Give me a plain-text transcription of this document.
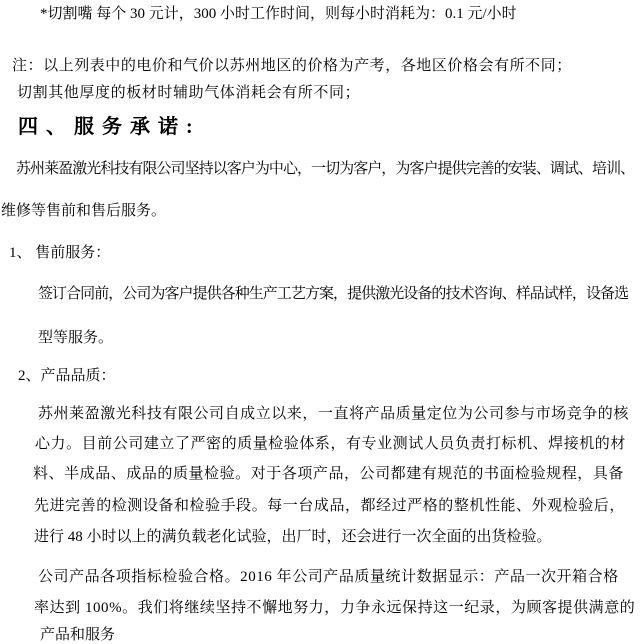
*切割嘴 每个 30 元计，300 小时工作时间，则每小时消耗为：0.1 元/小时
注：以上列表中的电价和气价以苏州地区的价格为产考，各地区价格会有所不同；
切割其他厚度的板材时辅助气体消耗会有所不同；
四、服务承诺:
苏州莱盈激光科技有限公司坚持以客户为中心，一切为客户，为客户提供完善的安装、调试、培训、
维修等售前和售后服务。
1、 售前服务：
签订合同前，公司为客户提供各种生产工艺方案，提供激光设备的技术咨询、样品试样，设备选
型等服务。
2、产品品质：
苏州莱盈激光科技有限公司自成立以来，一直将产品质量定位为公司参与市场竞争的核
心力。目前公司建立了严密的质量检验体系，有专业测试人员负责打标机、焊接机的材
料、半成品、成品的质量检验。对于各项产品，公司都建有规范的书面检验规程，具备
先进完善的检测设备和检验手段。每一台成品，都经过严格的整机性能、外观检验后，
进行 48 小时以上的满负载老化试验，出厂时，还会进行一次全面的出货检验。
公司产品各项指标检验合格。2016 年公司产品质量统计数据显示：产品一次开箱合格
率达到 100%。我们将继续坚持不懈地努力，力争永远保持这一纪录，为顾客提供满意的
产品和服务
